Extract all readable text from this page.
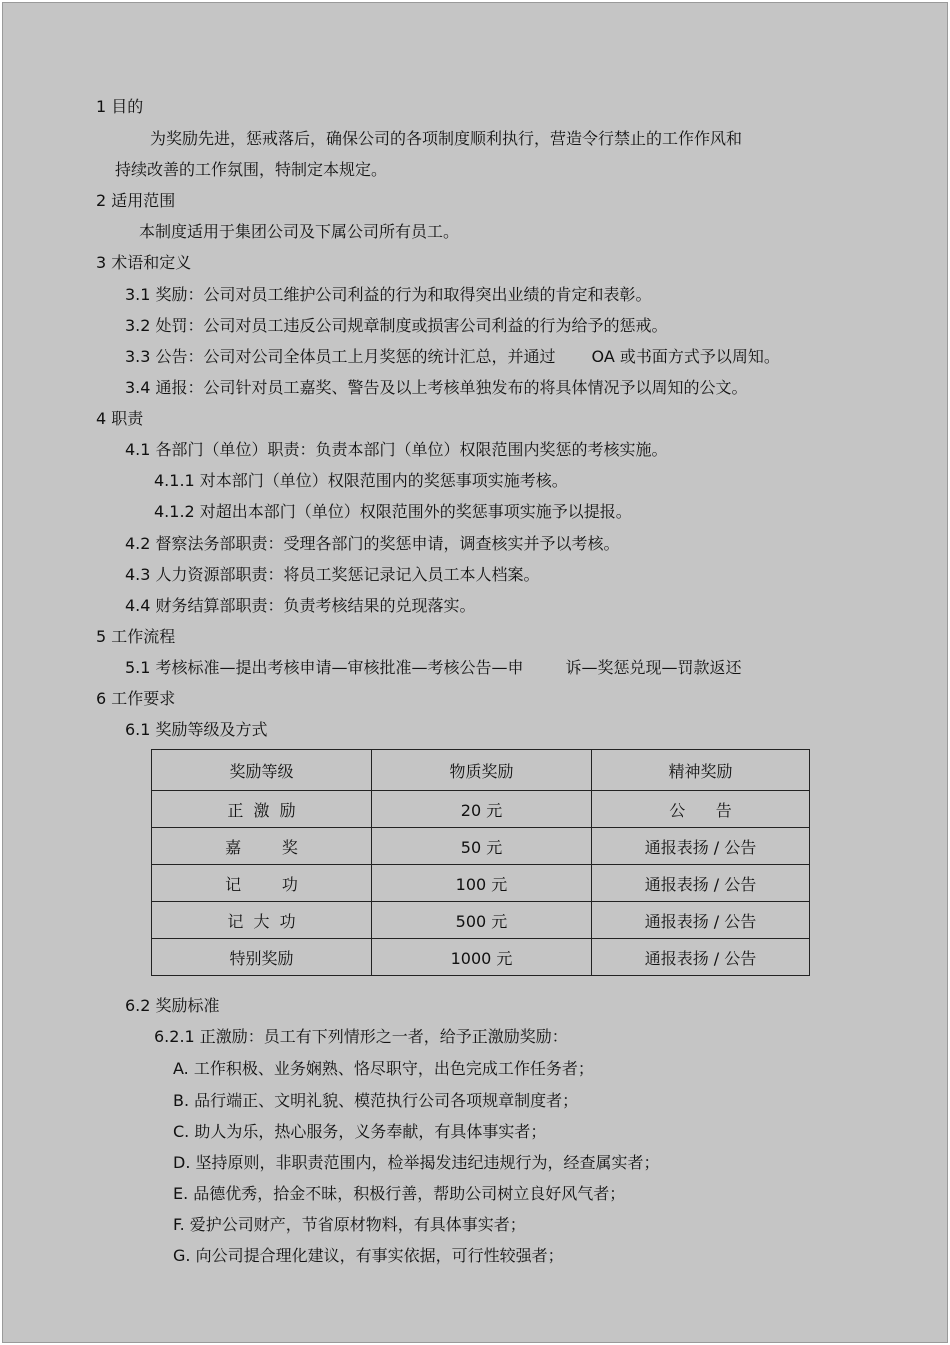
1 目的
为奖励先进，惩戒落后，确保公司的各项制度顺利执行，营造令行禁止的工作作风和
持续改善的工作氛围，特制定本规定。
2 适用范围
本制度适用于集团公司及下属公司所有员工。
3 术语和定义
3.1 奖励：公司对员工维护公司利益的行为和取得突出业绩的肯定和表彰。
3.2 处罚：公司对员工违反公司规章制度或损害公司利益的行为给予的惩戒。
3.3 公告：公司对公司全体员工上月奖惩的统计汇总，并通过 OA 或书面方式予以周知。
3.4 通报：公司针对员工嘉奖、警告及以上考核单独发布的将具体情况予以周知的公文。
4 职责
4.1 各部门（单位）职责：负责本部门（单位）权限范围内奖惩的考核实施。
4.1.1 对本部门（单位）权限范围内的奖惩事项实施考核。
4.1.2 对超出本部门（单位）权限范围外的奖惩事项实施予以提报。
4.2 督察法务部职责：受理各部门的奖惩申请，调查核实并予以考核。
4.3 人力资源部职责：将员工奖惩记录记入员工本人档案。
4.4 财务结算部职责：负责考核结果的兑现落实。
5 工作流程
5.1 考核标准—提出考核申请—审核批准—考核公告—申	诉—奖惩兑现—罚款返还
6 工作要求
6.1 奖励等级及方式
奖励等级	物质奖励	精神奖励
正  激  励	20 元	公      告
嘉        奖	50 元	通报表扬 / 公告
记        功	100 元	通报表扬 / 公告
记  大  功	500 元	通报表扬 / 公告
特别奖励	1000 元	通报表扬 / 公告
6.2 奖励标准
6.2.1 正激励：员工有下列情形之一者，给予正激励奖励：
A. 工作积极、业务娴熟、恪尽职守，出色完成工作任务者；
B. 品行端正、文明礼貌、模范执行公司各项规章制度者；
C. 助人为乐，热心服务，义务奉献，有具体事实者；
D. 坚持原则，非职责范围内，检举揭发违纪违规行为，经查属实者；
E. 品德优秀，拾金不昧，积极行善，帮助公司树立良好风气者；
F. 爱护公司财产，节省原材物料，有具体事实者；
G. 向公司提合理化建议，有事实依据，可行性较强者；
